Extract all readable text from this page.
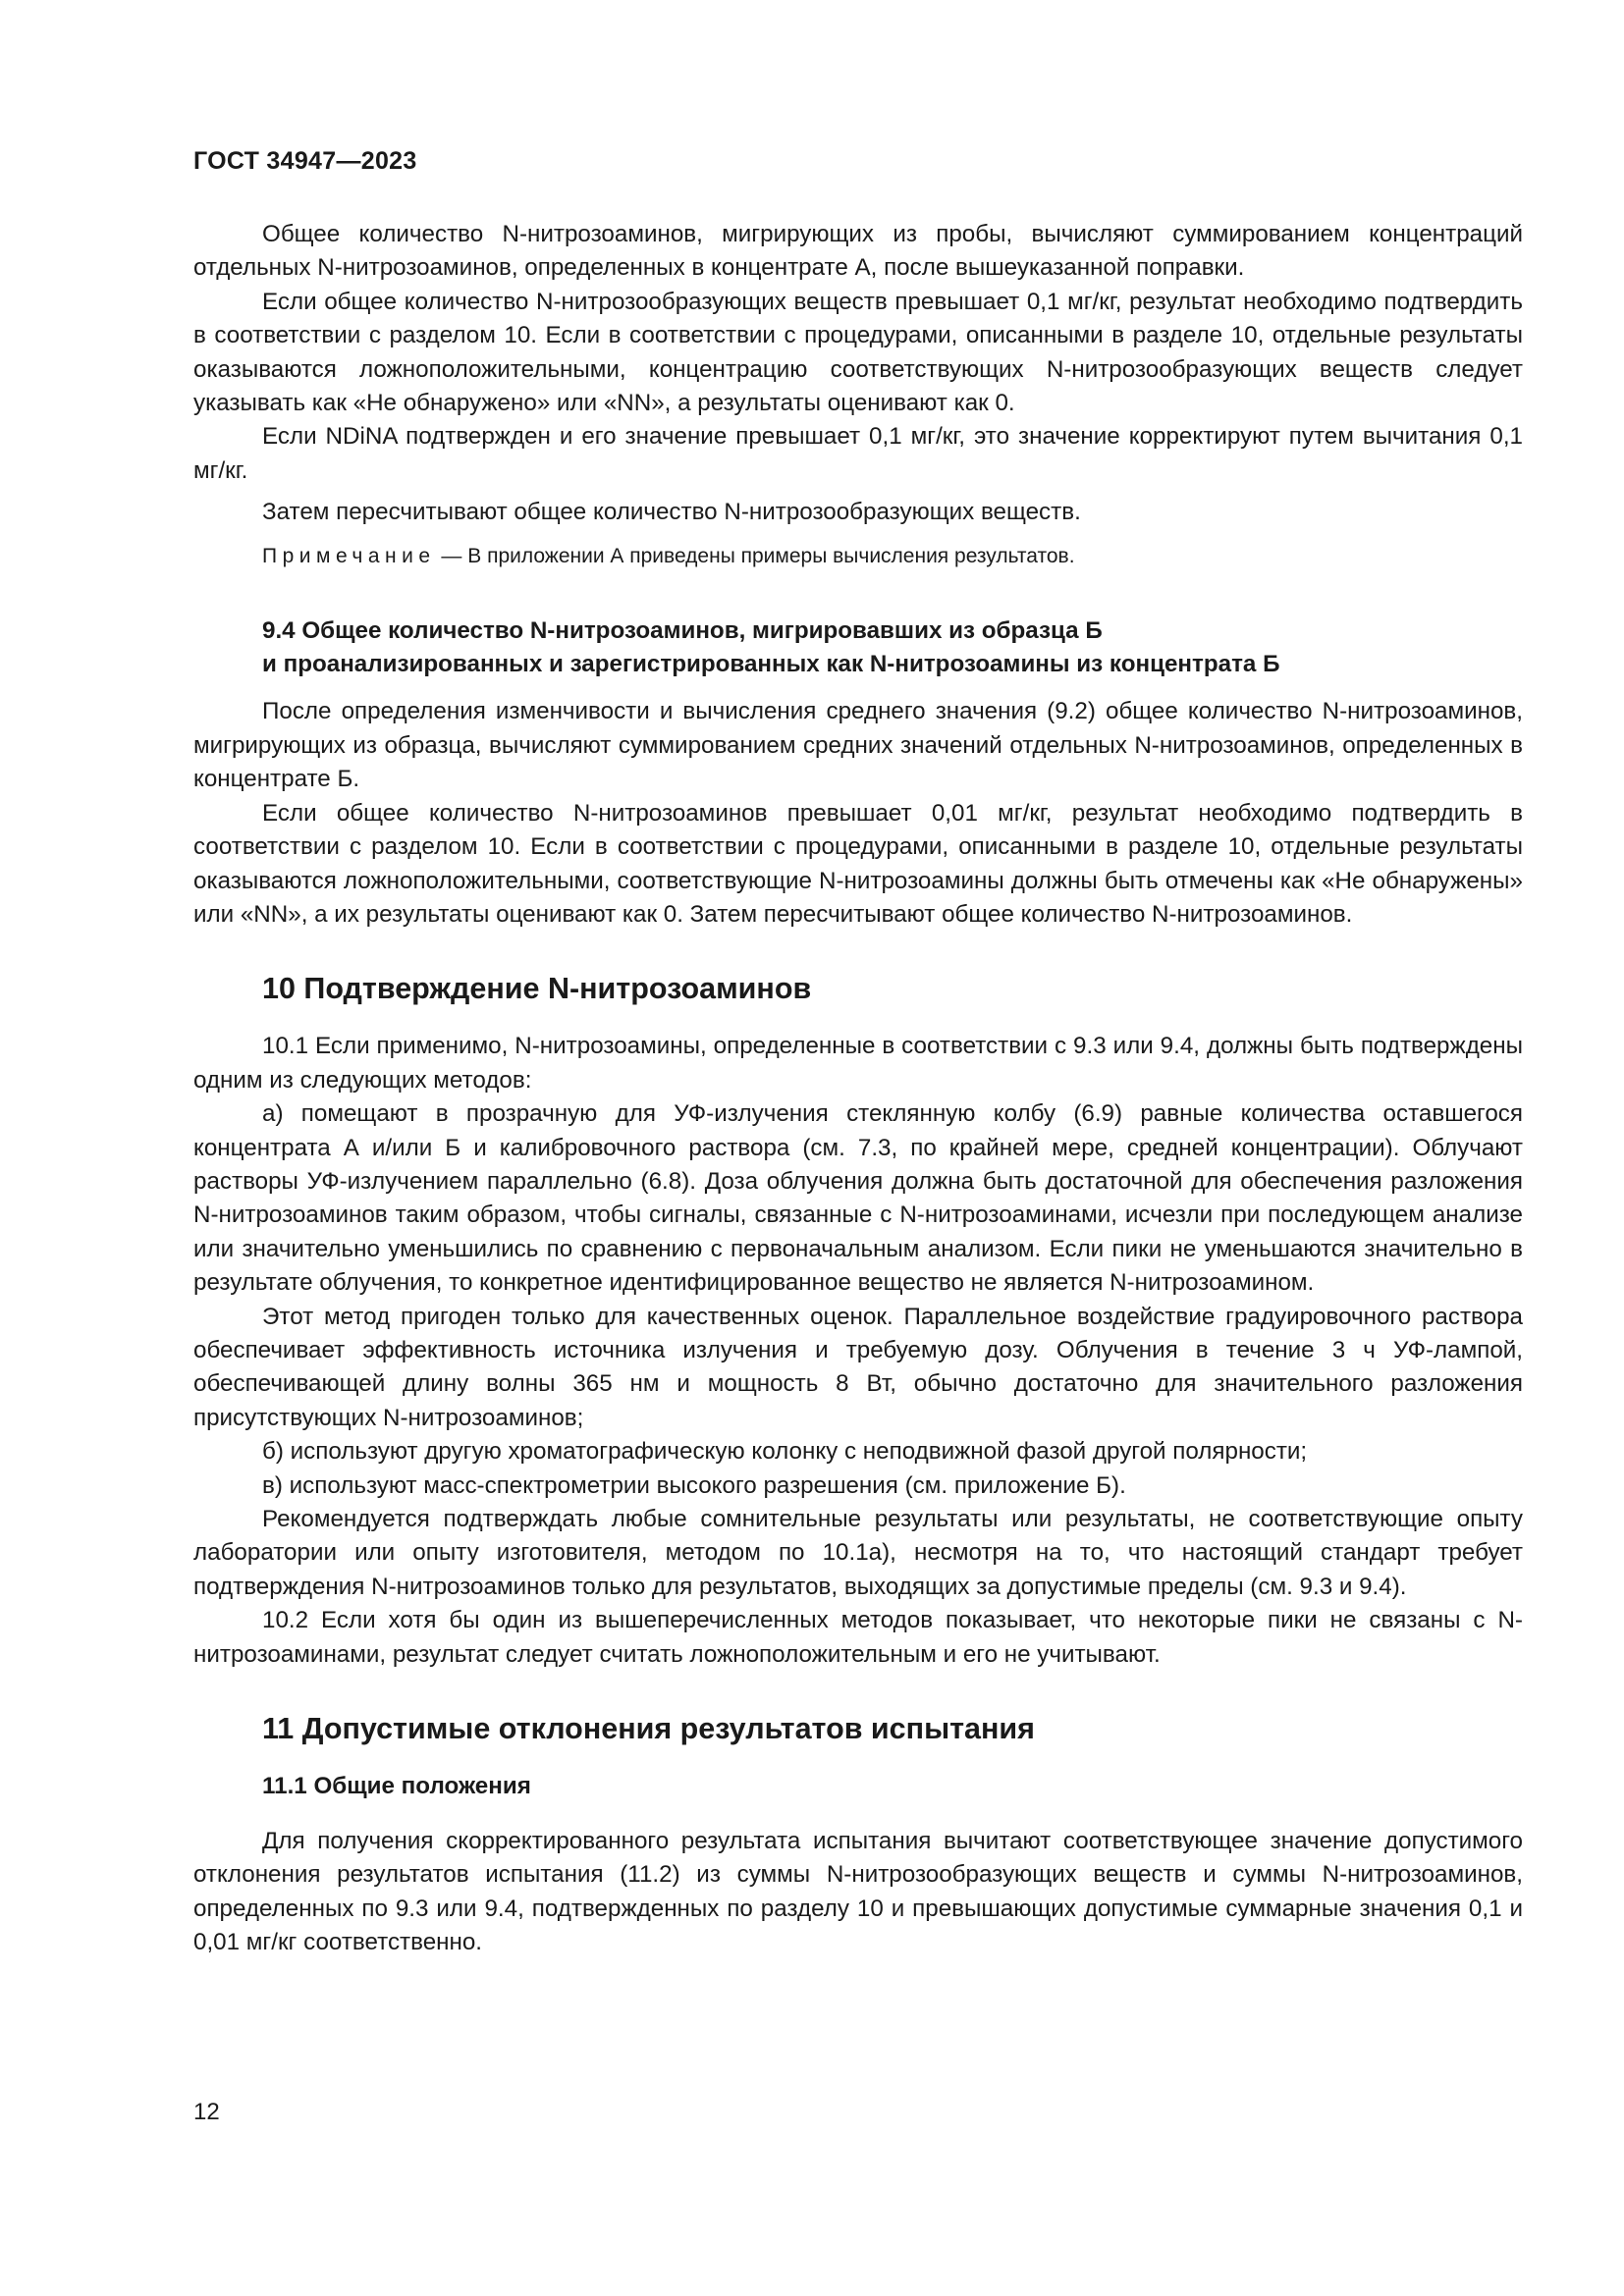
ГОСТ 34947—2023

Общее количество N-нитрозоаминов, мигрирующих из пробы, вычисляют суммированием концентраций отдельных N-нитрозоаминов, определенных в концентрате А, после вышеуказанной поправки.

Если общее количество N-нитрозообразующих веществ превышает 0,1 мг/кг, результат необходимо подтвердить в соответствии с разделом 10. Если в соответствии с процедурами, описанными в разделе 10, отдельные результаты оказываются ложноположительными, концентрацию соответствующих N-нитрозообразующих веществ следует указывать как «Не обнаружено» или «NN», а результаты оценивают как 0.

Если NDiNA подтвержден и его значение превышает 0,1 мг/кг, это значение корректируют путем вычитания 0,1 мг/кг.

Затем пересчитывают общее количество N-нитрозообразующих веществ.

Примечание — В приложении А приведены примеры вычисления результатов.
9.4 Общее количество N-нитрозоаминов, мигрировавших из образца Б
и проанализированных и зарегистрированных как N-нитрозоамины из концентрата Б

После определения изменчивости и вычисления среднего значения (9.2) общее количество N-нитрозоаминов, мигрирующих из образца, вычисляют суммированием средних значений отдельных N-нитрозоаминов, определенных в концентрате Б.

Если общее количество N-нитрозоаминов превышает 0,01 мг/кг, результат необходимо подтвердить в соответствии с разделом 10. Если в соответствии с процедурами, описанными в разделе 10, отдельные результаты оказываются ложноположительными, соответствующие N-нитрозоамины должны быть отмечены как «Не обнаружены» или «NN», а их результаты оценивают как 0. Затем пересчитывают общее количество N-нитрозоаминов.

10 Подтверждение N-нитрозоаминов

10.1 Если применимо, N-нитрозоамины, определенные в соответствии с 9.3 или 9.4, должны быть подтверждены одним из следующих методов:

а) помещают в прозрачную для УФ-излучения стеклянную колбу (6.9) равные количества оставшегося концентрата А и/или Б и калибровочного раствора (см. 7.3, по крайней мере, средней концентрации). Облучают растворы УФ-излучением параллельно (6.8). Доза облучения должна быть достаточной для обеспечения разложения N-нитрозоаминов таким образом, чтобы сигналы, связанные с N-нитрозоаминами, исчезли при последующем анализе или значительно уменьшились по сравнению с первоначальным анализом. Если пики не уменьшаются значительно в результате облучения, то конкретное идентифицированное вещество не является N-нитрозоамином.

Этот метод пригоден только для качественных оценок. Параллельное воздействие градуировочного раствора обеспечивает эффективность источника излучения и требуемую дозу. Облучения в течение 3 ч УФ-лампой, обеспечивающей длину волны 365 нм и мощность 8 Вт, обычно достаточно для значительного разложения присутствующих N-нитрозоаминов;

б) используют другую хроматографическую колонку с неподвижной фазой другой полярности;

в) используют масс-спектрометрии высокого разрешения (см. приложение Б).

Рекомендуется подтверждать любые сомнительные результаты или результаты, не соответствующие опыту лаборатории или опыту изготовителя, методом по 10.1а), несмотря на то, что настоящий стандарт требует подтверждения N-нитрозоаминов только для результатов, выходящих за допустимые пределы (см. 9.3 и 9.4).

10.2 Если хотя бы один из вышеперечисленных методов показывает, что некоторые пики не связаны с N-нитрозоаминами, результат следует считать ложноположительным и его не учитывают.

11 Допустимые отклонения результатов испытания
11.1 Общие положения

Для получения скорректированного результата испытания вычитают соответствующее значение допустимого отклонения результатов испытания (11.2) из суммы N-нитрозообразующих веществ и суммы N-нитрозоаминов, определенных по 9.3 или 9.4, подтвержденных по разделу 10 и превышающих допустимые суммарные значения 0,1 и 0,01 мг/кг соответственно.

12
